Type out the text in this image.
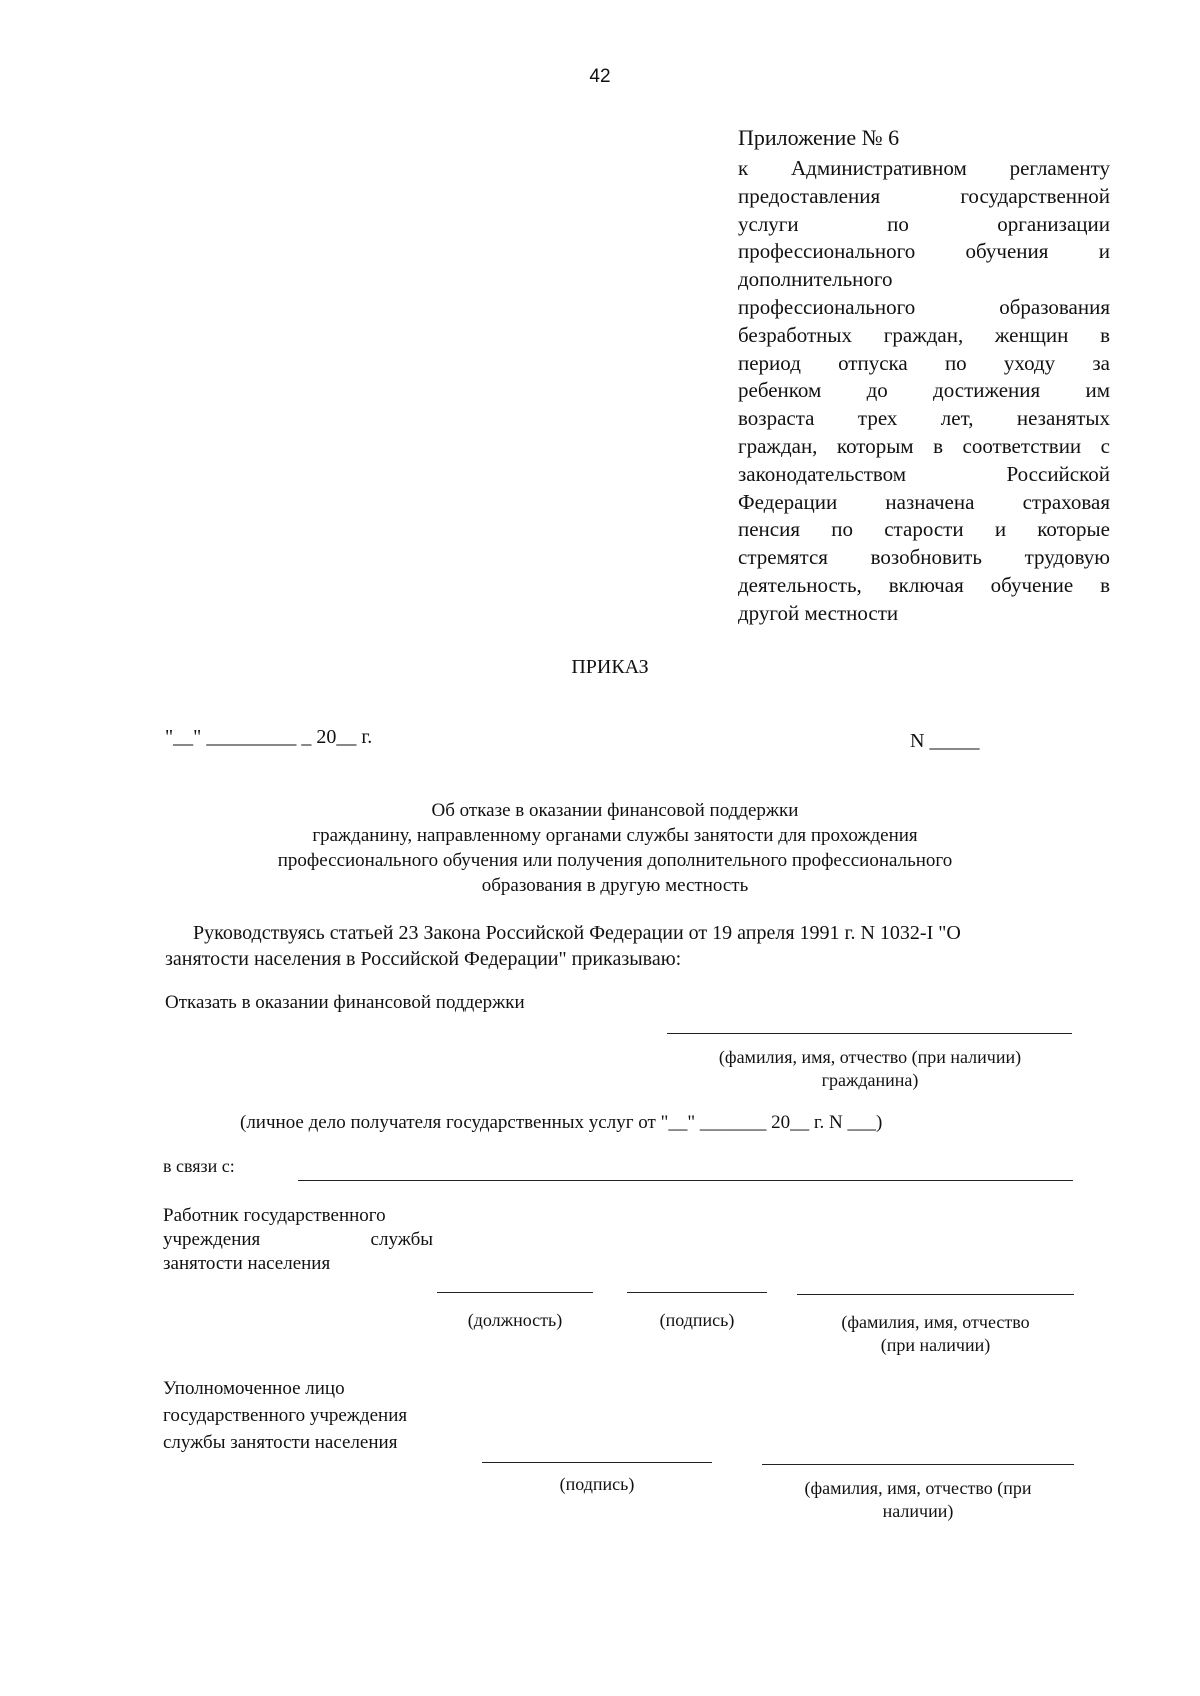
42
Приложение № 6
к Административном регламенту
предоставления государственной
услуги по организации
профессионального обучения и
дополнительного
профессионального образования
безработных граждан, женщин в
период отпуска по уходу за
ребенком до достижения им
возраста трех лет, незанятых
граждан, которым в соответствии с
законодательством Российской
Федерации назначена страховая
пенсия по старости и которые
стремятся возобновить трудовую
деятельность, включая обучение в
другой местности
ПРИКАЗ
"__" _________ _ 20__ г.	N _____
Об отказе в оказании финансовой поддержки
гражданину, направленному органами службы занятости для прохождения
профессионального обучения или получения дополнительного профессионального
образования в другую местность
Руководствуясь статьей 23 Закона Российской Федерации от 19 апреля 1991 г. N 1032-I "О
занятости населения в Российской Федерации" приказываю:
Отказать в оказании финансовой поддержки
(фамилия, имя, отчество (при наличии)
гражданина)
(личное дело получателя государственных услуг от "__" _______ 20__ г. N ___)
в связи с:
Работник государственного
учреждения службы
занятости населения
(должность)	(подпись)	(фамилия, имя, отчество
(при наличии)
Уполномоченное лицо
государственного учреждения
службы занятости населения
(подпись)	(фамилия, имя, отчество (при
наличии)
